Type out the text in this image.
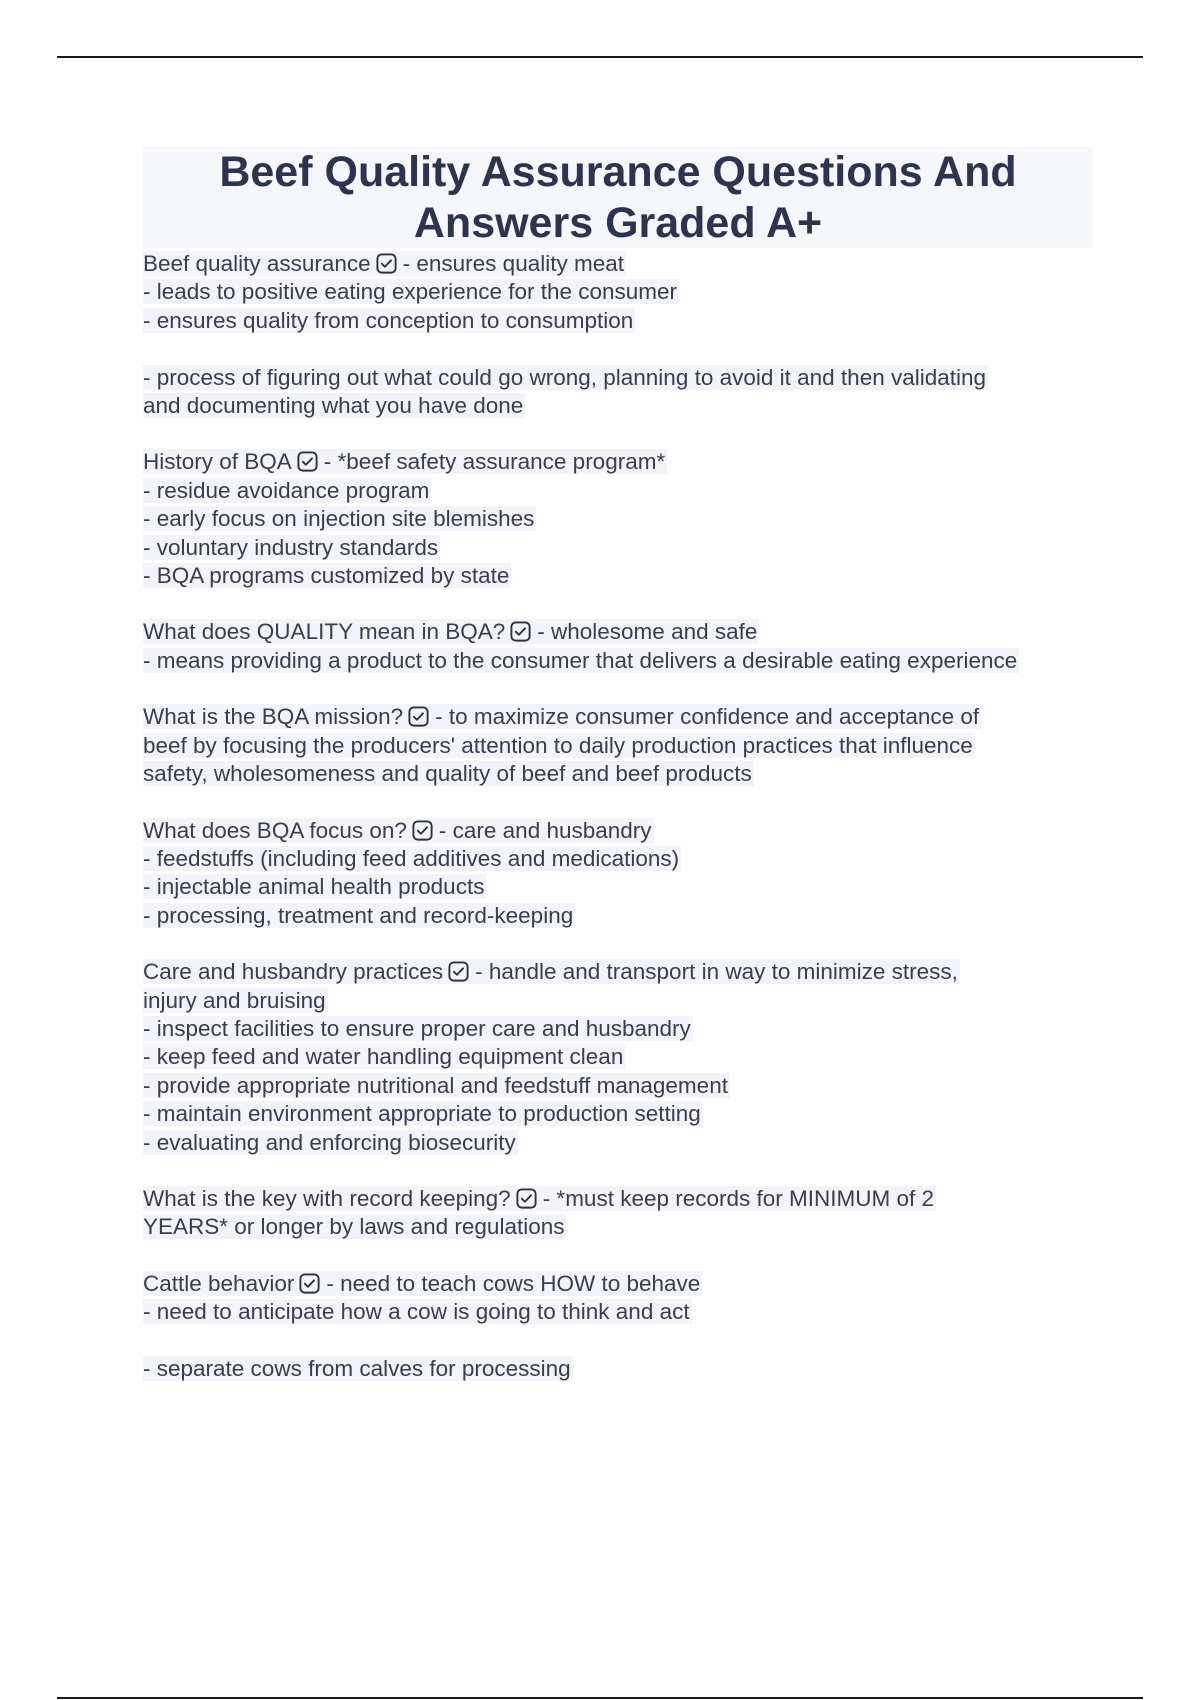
Beef Quality Assurance Questions And
Answers Graded A+
Beef quality assurance - ensures quality meat
- leads to positive eating experience for the consumer
- ensures quality from conception to consumption

- process of figuring out what could go wrong, planning to avoid it and then validating
and documenting what you have done
History of BQA - *beef safety assurance program*
- residue avoidance program
- early focus on injection site blemishes
- voluntary industry standards
- BQA programs customized by state
What does QUALITY mean in BQA? - wholesome and safe
- means providing a product to the consumer that delivers a desirable eating experience
What is the BQA mission? - to maximize consumer confidence and acceptance of
beef by focusing the producers' attention to daily production practices that influence
safety, wholesomeness and quality of beef and beef products
What does BQA focus on? - care and husbandry
- feedstuffs (including feed additives and medications)
- injectable animal health products
- processing, treatment and record-keeping
Care and husbandry practices - handle and transport in way to minimize stress,
injury and bruising
- inspect facilities to ensure proper care and husbandry
- keep feed and water handling equipment clean
- provide appropriate nutritional and feedstuff management
- maintain environment appropriate to production setting
- evaluating and enforcing biosecurity
What is the key with record keeping? - *must keep records for MINIMUM of 2
YEARS* or longer by laws and regulations
Cattle behavior - need to teach cows HOW to behave
- need to anticipate how a cow is going to think and act

- separate cows from calves for processing
